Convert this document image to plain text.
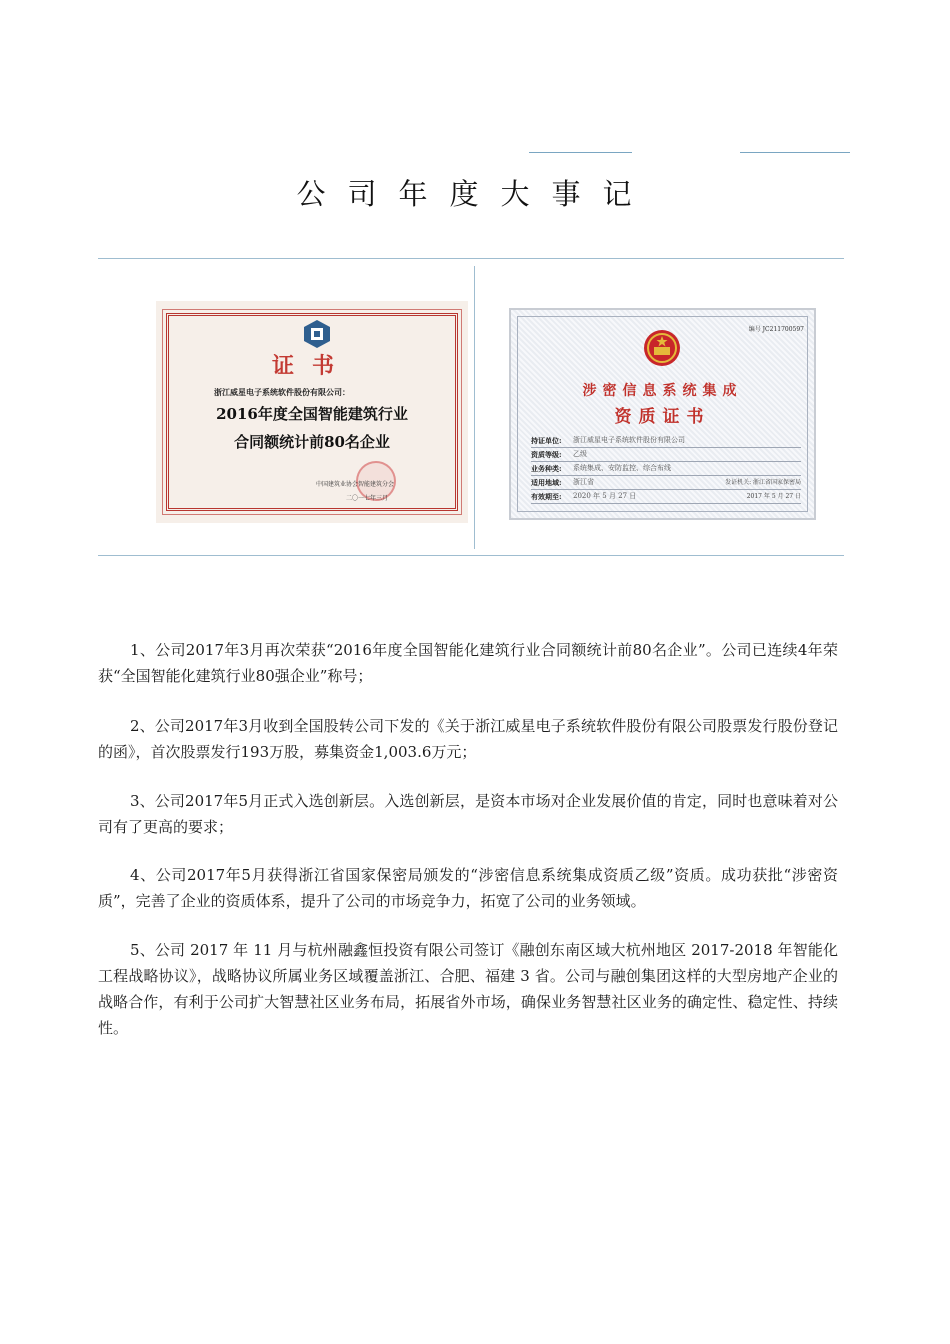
公司年度大事记
证书
浙江威星电子系统软件股份有限公司：
2016年度全国智能建筑行业
合同额统计前80名企业
中国建筑业协会智能建筑分会
二〇一七年三月
编号 JC211700597
涉密信息系统集成
资质证书
持证单位:	浙江威星电子系统软件股份有限公司
资质等级:	乙级
业务种类:	系统集成、安防监控、综合布线
适用地域:	浙江省	发证机关: 浙江省国家保密局
有效期至:	2020 年 5 月 27 日	2017 年 5 月 27 日

1、公司2017年3月再次荣获“2016年度全国智能化建筑行业合同额统计前80名企业”。公司已连续4年荣获“全国智能化建筑行业80强企业”称号；

2、公司2017年3月收到全国股转公司下发的《关于浙江威星电子系统软件股份有限公司股票发行股份登记的函》，首次股票发行193万股，募集资金1,003.6万元；

3、公司2017年5月正式入选创新层。入选创新层，是资本市场对企业发展价值的肯定，同时也意味着对公司有了更高的要求；

4、公司2017年5月获得浙江省国家保密局颁发的“涉密信息系统集成资质乙级”资质。成功获批“涉密资质”，完善了企业的资质体系，提升了公司的市场竞争力，拓宽了公司的业务领域。

5、公司 2017 年 11 月与杭州融鑫恒投资有限公司签订《融创东南区域大杭州地区 2017-2018 年智能化工程战略协议》，战略协议所属业务区域覆盖浙江、合肥、福建 3 省。公司与融创集团这样的大型房地产企业的战略合作，有利于公司扩大智慧社区业务布局，拓展省外市场，确保业务智慧社区业务的确定性、稳定性、持续性。
